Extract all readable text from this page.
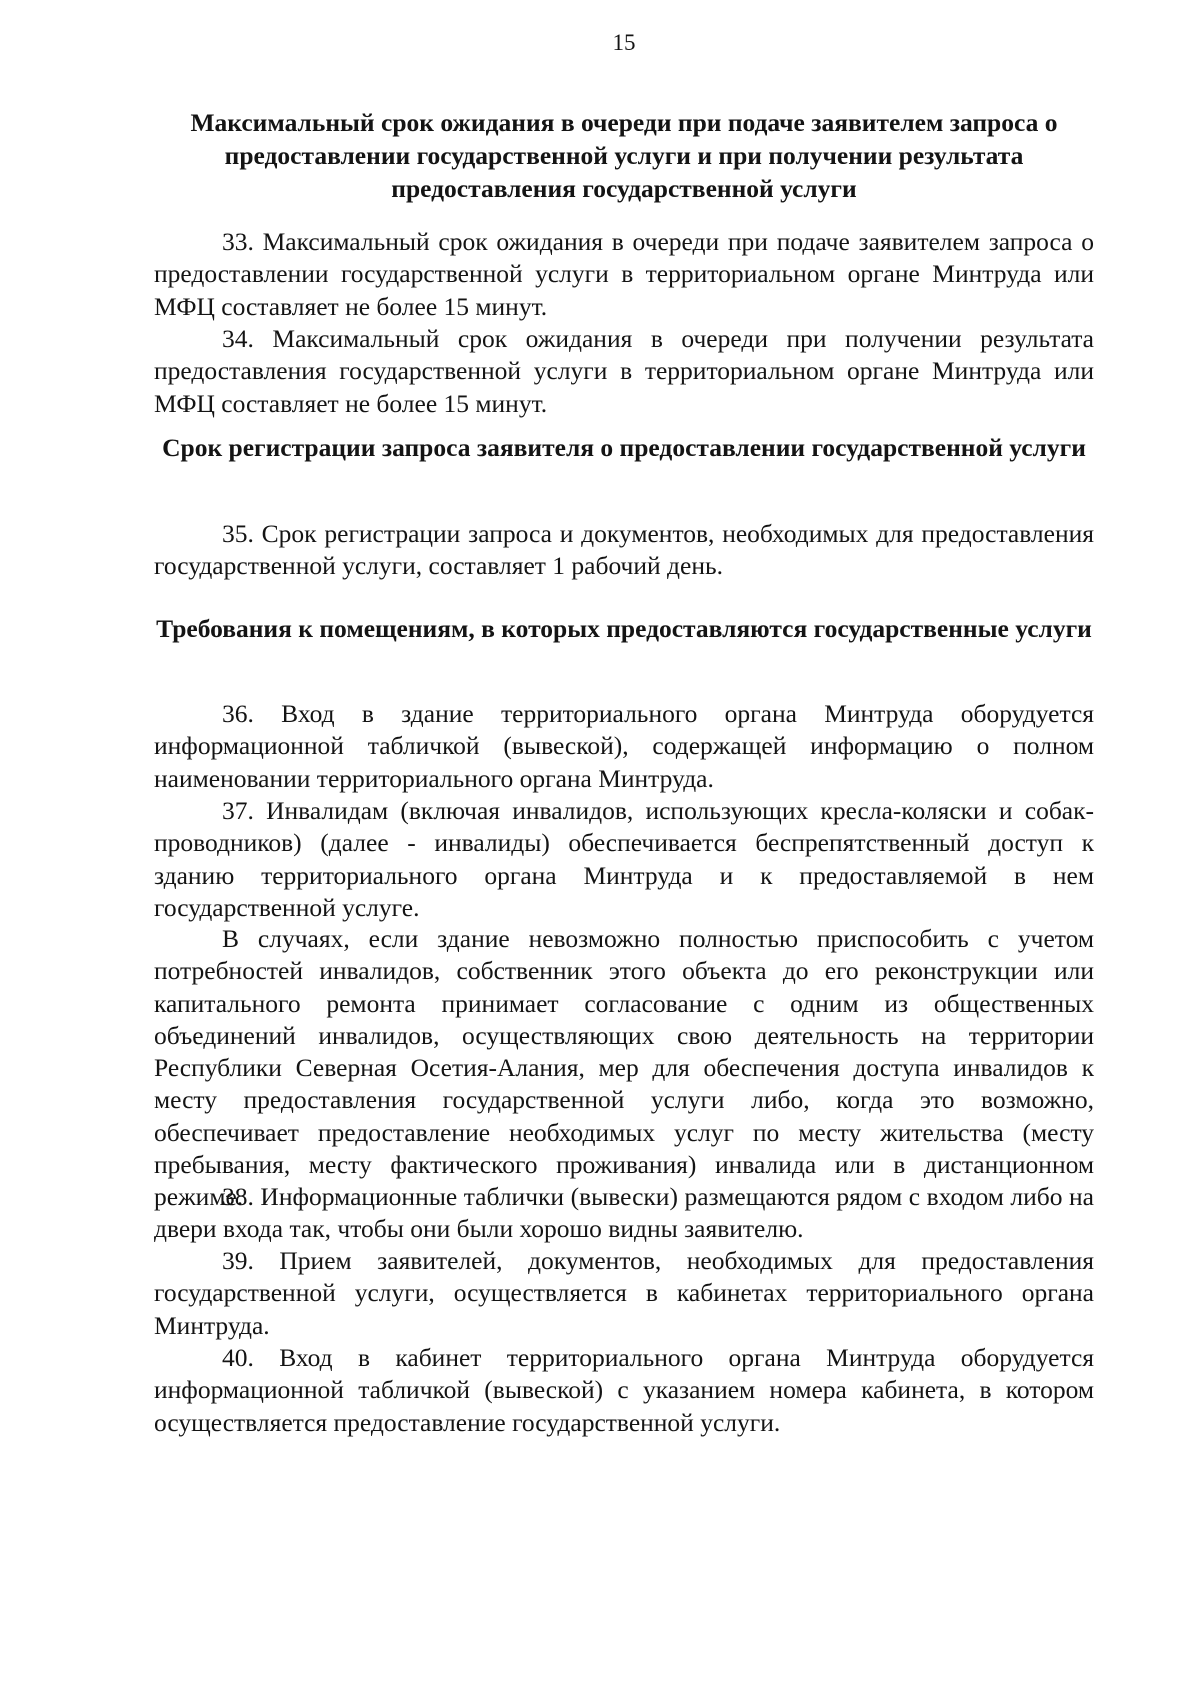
15
Максимальный срок ожидания в очереди при подаче заявителем запроса о предоставлении государственной услуги и при получении результата предоставления государственной услуги
33. Максимальный срок ожидания в очереди при подаче заявителем запроса о предоставлении государственной услуги в территориальном органе Минтруда или МФЦ составляет не более 15 минут.
34. Максимальный срок ожидания в очереди при получении результата предоставления государственной услуги в территориальном органе Минтруда или МФЦ составляет не более 15 минут.
Срок регистрации запроса заявителя о предоставлении государственной услуги
35. Срок регистрации запроса и документов, необходимых для предоставления государственной услуги, составляет 1 рабочий день.
Требования к помещениям, в которых предоставляются государственные услуги
36. Вход в здание территориального органа Минтруда оборудуется информационной табличкой (вывеской), содержащей информацию о полном наименовании территориального органа Минтруда.
37. Инвалидам (включая инвалидов, использующих кресла-коляски и собак-проводников) (далее - инвалиды) обеспечивается беспрепятственный доступ к зданию территориального органа Минтруда и к предоставляемой в нем государственной услуге.
В случаях, если здание невозможно полностью приспособить с учетом потребностей инвалидов, собственник этого объекта до его реконструкции или капитального ремонта принимает согласование с одним из общественных объединений инвалидов, осуществляющих свою деятельность на территории Республики Северная Осетия-Алания, мер для обеспечения доступа инвалидов к месту предоставления государственной услуги либо, когда это возможно, обеспечивает предоставление необходимых услуг по месту жительства (месту пребывания, месту фактического проживания) инвалида или в дистанционном режиме.
38. Информационные таблички (вывески) размещаются рядом с входом либо на двери входа так, чтобы они были хорошо видны заявителю.
39. Прием заявителей, документов, необходимых для предоставления государственной услуги, осуществляется в кабинетах территориального органа Минтруда.
40. Вход в кабинет территориального органа Минтруда оборудуется информационной табличкой (вывеской) с указанием номера кабинета, в котором осуществляется предоставление государственной услуги.
